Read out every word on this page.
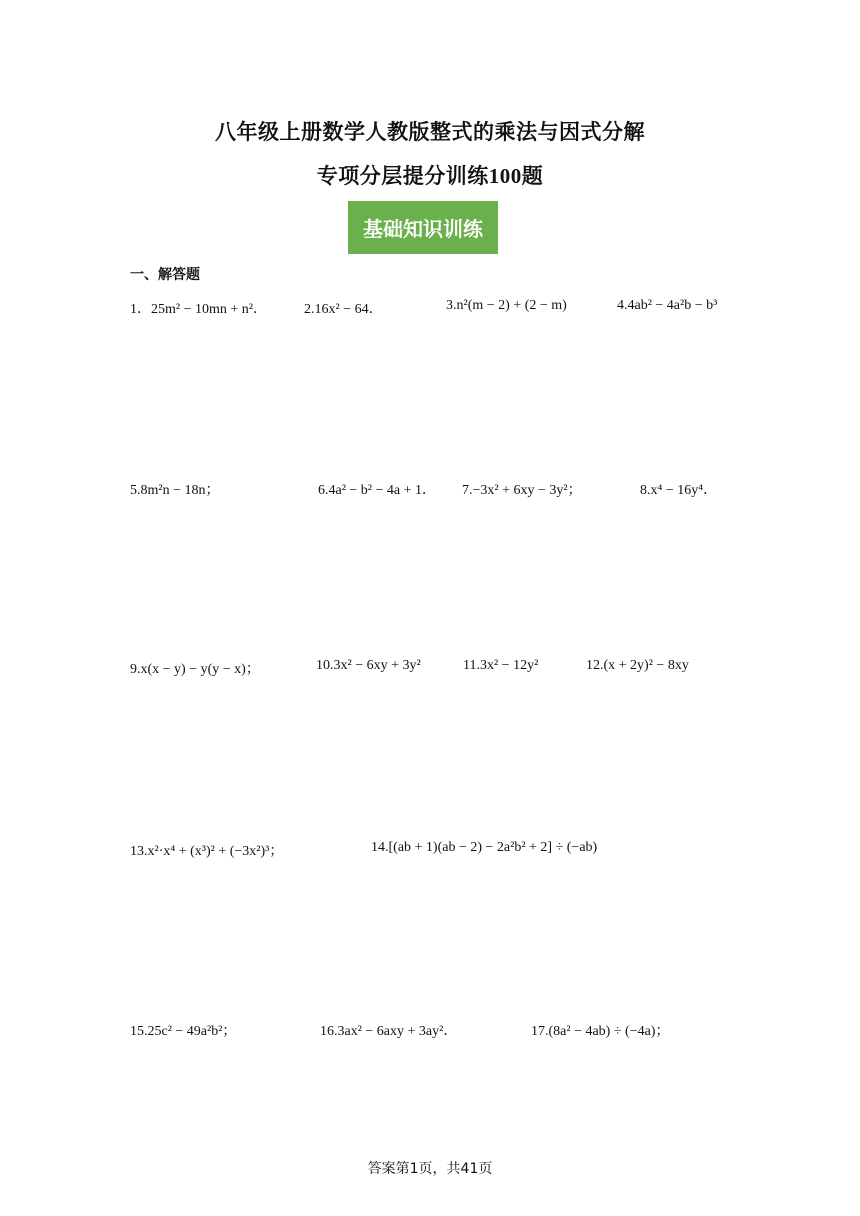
八年级上册数学人教版整式的乘法与因式分解
专项分层提分训练100题
基础知识训练
一、解答题
1．25m² − 10mn + n²．	2.16x² − 64．	3.n²(m − 2) + (2 − m)	4.4ab² − 4a²b − b³
5.8m²n − 18n；	6.4a² − b² − 4a + 1． 7.−3x² + 6xy − 3y²；	8.x⁴ − 16y⁴．
9.x(x − y) − y(y − x)；	10.3x² − 6xy + 3y²	11.3x² − 12y²	12.(x + 2y)² − 8xy
13.x²·x⁴ + (x³)² + (−3x²)³；	14.[(ab + 1)(ab − 2) − 2a²b² + 2] ÷ (−ab)
15.25c² − 49a²b²；	16.3ax² − 6axy + 3ay²．	17.(8a² − 4ab) ÷ (−4a)；
答案第1页，共41页
